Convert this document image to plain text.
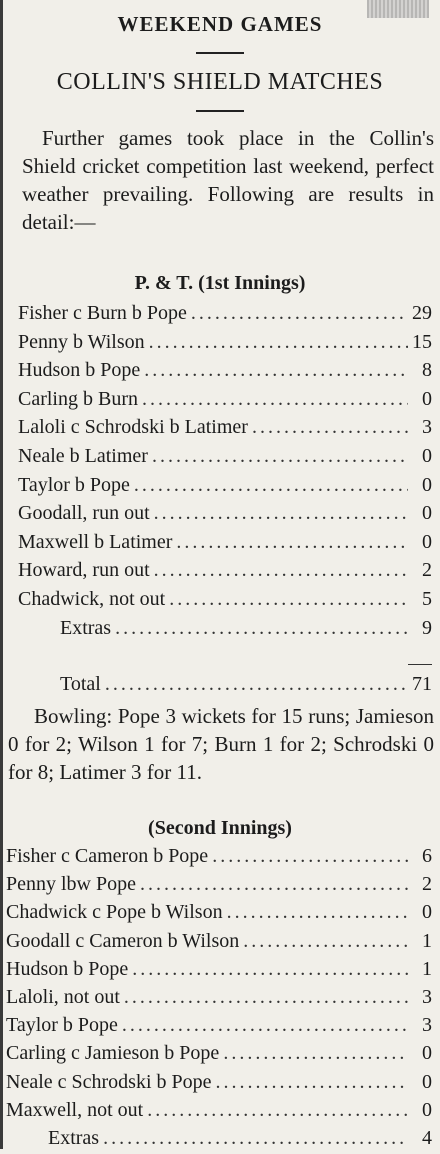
WEEKEND GAMES
COLLIN'S SHIELD MATCHES
Further games took place in the Collin's Shield cricket competition last weekend, perfect weather prevailing. Following are results in detail:—
P. & T. (1st Innings)
Fisher c Burn b Pope .....	29
Penny b Wilson .....	15
Hudson b Pope .....	8
Carling b Burn .....	0
Laloli c Schrodski b Latimer .....	3
Neale b Latimer .....	0
Taylor b Pope .....	0
Goodall, run out .....	0
Maxwell b Latimer .....	0
Howard, run out .....	2
Chadwick, not out .....	5
Extras .....	9
Total .....	71
Bowling: Pope 3 wickets for 15 runs; Jamieson 0 for 2; Wilson 1 for 7; Burn 1 for 2; Schrodski 0 for 8; Latimer 3 for 11.
(Second Innings)
Fisher c Cameron b Pope .....	6
Penny lbw Pope .....	2
Chadwick c Pope b Wilson .....	0
Goodall c Cameron b Wilson .....	1
Hudson b Pope .....	1
Laloli, not out .....	3
Taylor b Pope .....	3
Carling c Jamieson b Pope .....	0
Neale c Schrodski b Pope .....	0
Maxwell, not out .....	0
Extras .....	4
